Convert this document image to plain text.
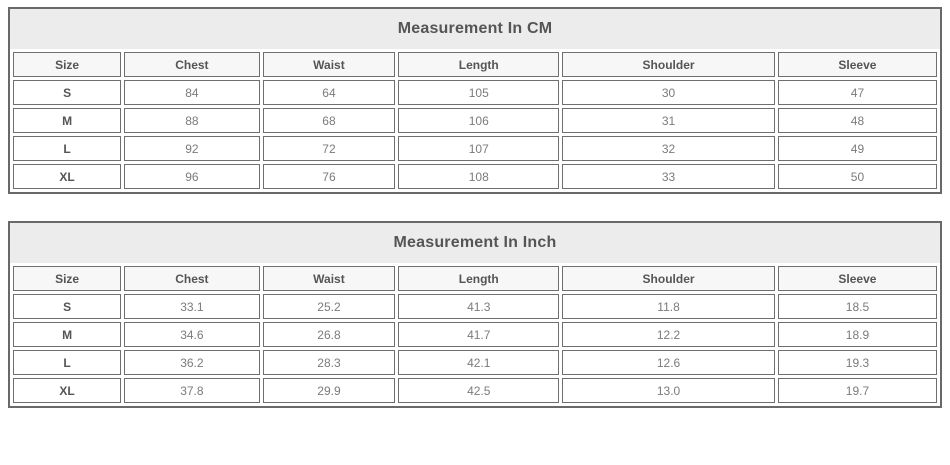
Measurement In CM
Size	Chest	Waist	Length	Shoulder	Sleeve
S	84	64	105	30	47
M	88	68	106	31	48
L	92	72	107	32	49
XL	96	76	108	33	50
Measurement In Inch
Size	Chest	Waist	Length	Shoulder	Sleeve
S	33.1	25.2	41.3	11.8	18.5
M	34.6	26.8	41.7	12.2	18.9
L	36.2	28.3	42.1	12.6	19.3
XL	37.8	29.9	42.5	13.0	19.7
